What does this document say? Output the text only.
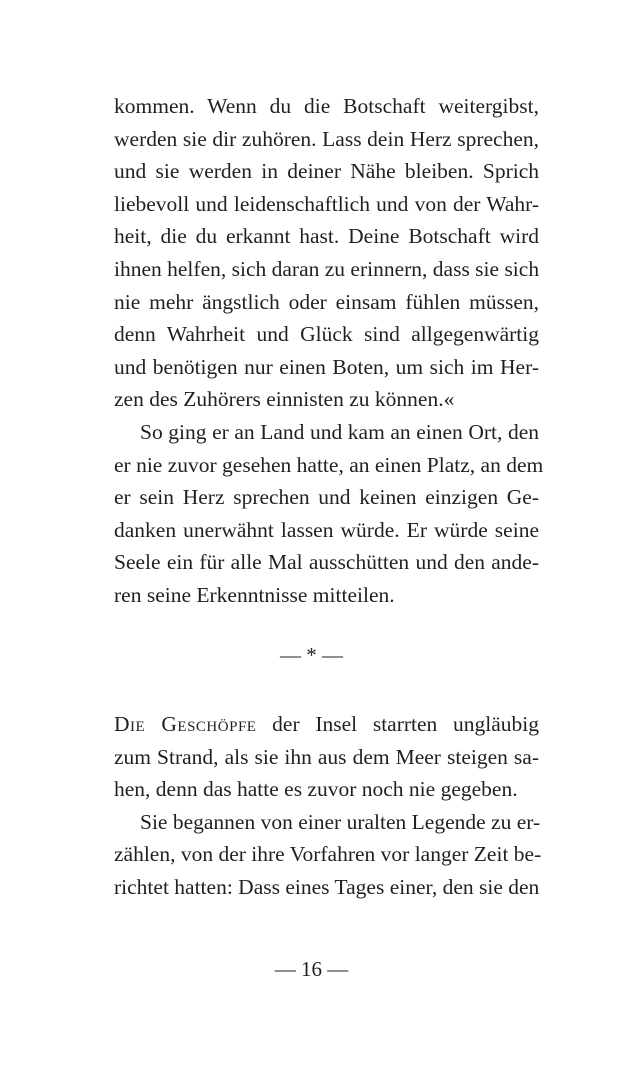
kommen. Wenn du die Botschaft weitergibst,
werden sie dir zuhören. Lass dein Herz sprechen,
und sie werden in deiner Nähe bleiben. Sprich
liebevoll und leidenschaftlich und von der Wahr-
heit, die du erkannt hast. Deine Botschaft wird
ihnen helfen, sich daran zu erinnern, dass sie sich
nie mehr ängstlich oder einsam fühlen müssen,
denn Wahrheit und Glück sind allgegenwärtig
und benötigen nur einen Boten, um sich im Her-
zen des Zuhörers einnisten zu können.«
So ging er an Land und kam an einen Ort, den
er nie zuvor gesehen hatte, an einen Platz, an dem
er sein Herz sprechen und keinen einzigen Ge-
danken unerwähnt lassen würde. Er würde seine
Seele ein für alle Mal ausschütten und den ande-
ren seine Erkenntnisse mitteilen.
— * —
Die Geschöpfe der Insel starrten ungläubig
zum Strand, als sie ihn aus dem Meer steigen sa-
hen, denn das hatte es zuvor noch nie gegeben.
Sie begannen von einer uralten Legende zu er-
zählen, von der ihre Vorfahren vor langer Zeit be-
richtet hatten: Dass eines Tages einer, den sie den
— 16 —
